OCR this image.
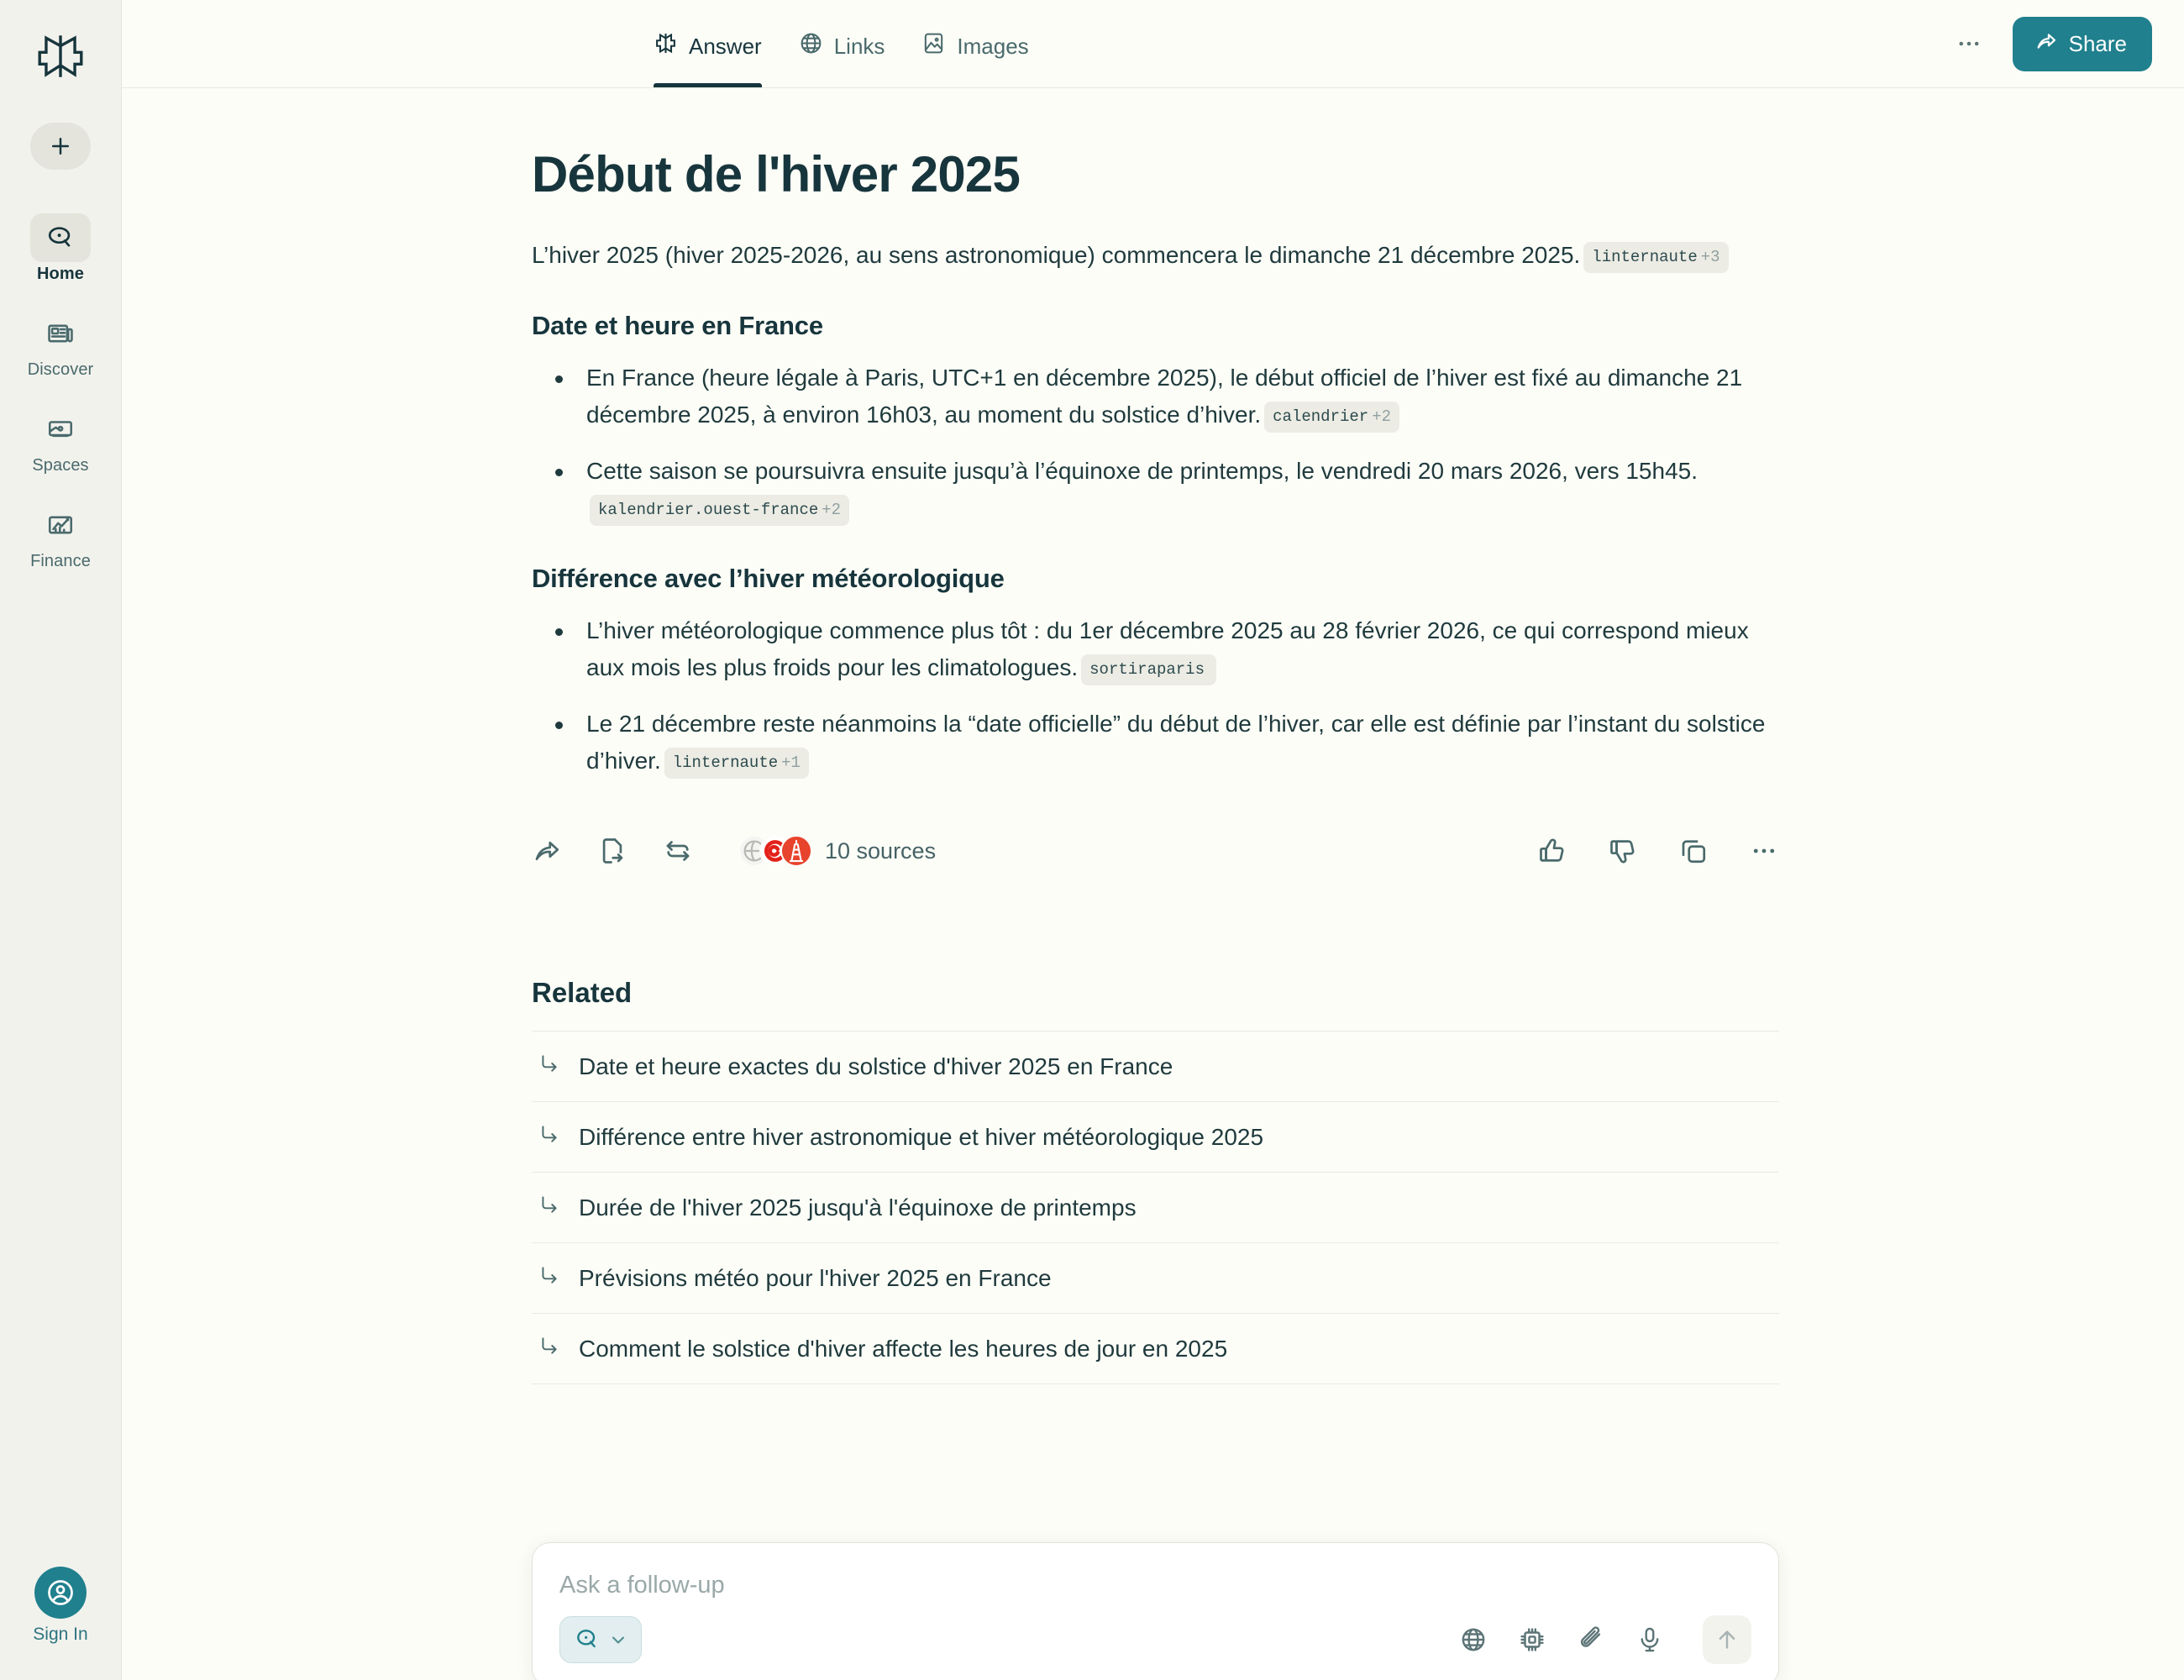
Home
Discover
Spaces
Finance
Sign In
Answer	Links	Images	Share
Début de l'hiver 2025

L’hiver 2025 (hiver 2025-2026, au sens astronomique) commencera le dimanche 21 décembre 2025. linternaute +3

Date et heure en France
En France (heure légale à Paris, UTC+1 en décembre 2025), le début officiel de l’hiver est fixé au dimanche 21 décembre 2025, à environ 16h03, au moment du solstice d’hiver. calendrier +2
Cette saison se poursuivra ensuite jusqu’à l’équinoxe de printemps, le vendredi 20 mars 2026, vers 15h45.kalendrier.ouest-france +2
Différence avec l’hiver météorologique
L’hiver météorologique commence plus tôt : du 1er décembre 2025 au 28 février 2026, ce qui correspond mieux aux mois les plus froids pour les climatologues. sortiraparis
Le 21 décembre reste néanmoins la “date officielle” du début de l’hiver, car elle est définie par l’instant du solstice d’hiver. linternaute +1
10 sources
Related
Date et heure exactes du solstice d'hiver 2025 en France
Différence entre hiver astronomique et hiver météorologique 2025
Durée de l'hiver 2025 jusqu'à l'équinoxe de printemps
Prévisions météo pour l'hiver 2025 en France
Comment le solstice d'hiver affecte les heures de jour en 2025
Ask a follow-up
